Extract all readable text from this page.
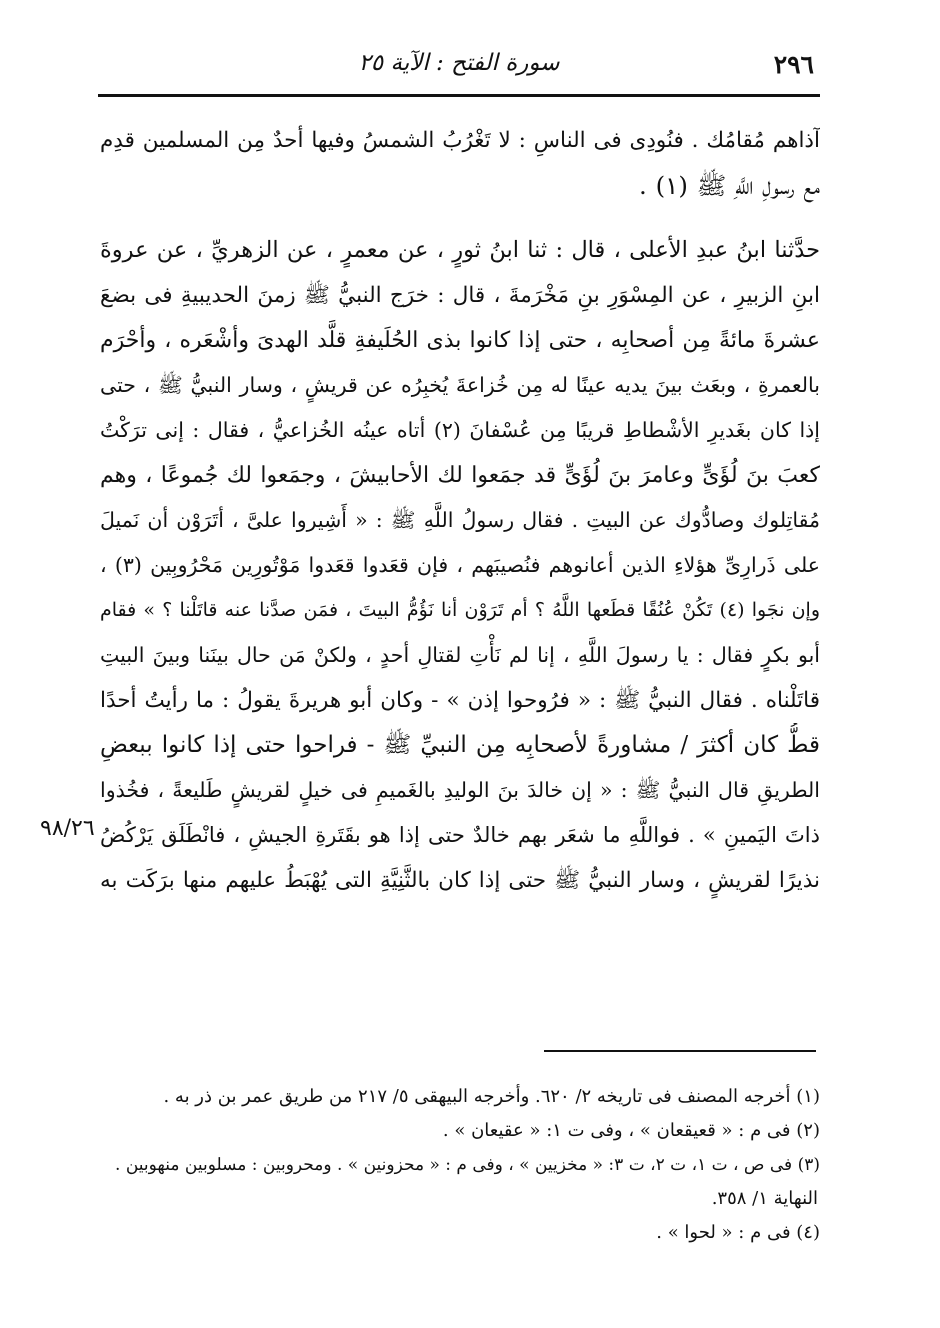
٢٩٦
سورة الفتح : الآية ٢٥
آذاهم مُقامُك . فنُودِى فى الناسِ : لا تَغْرُبُ الشمسُ وفيها أحدٌ مِن المسلمين قدِم
مع رسولِ اللَّهِ ﷺ (١) .
حدَّثنا ابنُ عبدِ الأعلى ، قال : ثنا ابنُ ثورٍ ، عن معمرٍ ، عن الزهريِّ ، عن عروةَ
ابنِ الزبيرِ ، عن المِسْوَرِ بنِ مَخْرَمةَ ، قال : خرَج النبيُّ ﷺ زمنَ الحديبيةِ فى بضعَ
عشرةَ مائةً مِن أصحابِه ، حتى إذا كانوا بذى الحُلَيفةِ قلَّد الهدىَ وأشْعَره ، وأحْرَم
بالعمرةِ ، وبعَث بينَ يديه عينًا له مِن خُزاعةَ يُخبِرُه عن قريشٍ ، وسار النبيُّ ﷺ ، حتى
إذا كان بغَديرِ الأشْطاطِ قريبًا مِن عُسْفانَ (٢) أتاه عينُه الخُزاعيُّ ، فقال : إنى ترَكْتُ
كعبَ بنَ لُؤَىٍّ وعامرَ بنَ لُؤَىٍّ قد جمَعوا لك الأحابيشَ ، وجمَعوا لك جُموعًا ، وهم
مُقاتِلوك وصادُّوك عن البيتِ . فقال رسولُ اللَّهِ ﷺ : « أَشِيروا علىَّ ، أتَرَوْن أن نَميلَ
على ذَرارِىِّ هؤلاءِ الذين أعانوهم فنُصيبَهم ، فإن قعَدوا قعَدوا مَوْتُورِين مَحْرُوبِين (٣) ،
وإن نجَوا (٤) تَكُنْ عُنُقًا قطَعها اللَّهُ ؟ أم تَرَوْن أنا نَؤُمُّ البيتَ ، فمَن صدَّنا عنه قاتَلْنا ؟ » فقام
أبو بكرٍ فقال : يا رسولَ اللَّهِ ، إنا لم نَأْتِ لقتالِ أحدٍ ، ولكنْ مَن حال بينَنا وبينَ البيتِ
قاتَلْناه . فقال النبيُّ ﷺ : « فرُوحوا إذن » - وكان أبو هريرةَ يقولُ : ما رأيتُ أحدًا
قطُّ كان أكثرَ / مشاورةً لأصحابِه مِن النبيِّ ﷺ - فراحوا حتى إذا كانوا ببعضِ
الطريقِ قال النبيُّ ﷺ : « إن خالدَ بنَ الوليدِ بالغَميمِ فى خيلٍ لقريشٍ طَليعةً ، فخُذوا
ذاتَ اليَمينِ » . فواللَّهِ ما شعَر بهم خالدٌ حتى إذا هو بقَتَرةِ الجيشِ ، فانْطَلَق يَرْكُضُ
نذيرًا لقريشٍ ، وسار النبيُّ ﷺ حتى إذا كان بالثَّنِيَّةِ التى يُهْبَطُ عليهم منها برَكَت به
٩٨/٢٦
(١) أخرجه المصنف فى تاريخه ٢/ ٦٢٠. وأخرجه البيهقى ٥/ ٢١٧ من طريق عمر بن ذر به .
(٢) فى م : « قعيقعان » ، وفى ت ١: « عقيعان » .
(٣) فى ص ، ت ١، ت ٢، ت ٣: « مخزيين » ، وفى م : « محزونين » . ومحروبين : مسلوبين منهوبين .
النهاية ١/ ٣٥٨.
(٤) فى م : « لحوا » .
